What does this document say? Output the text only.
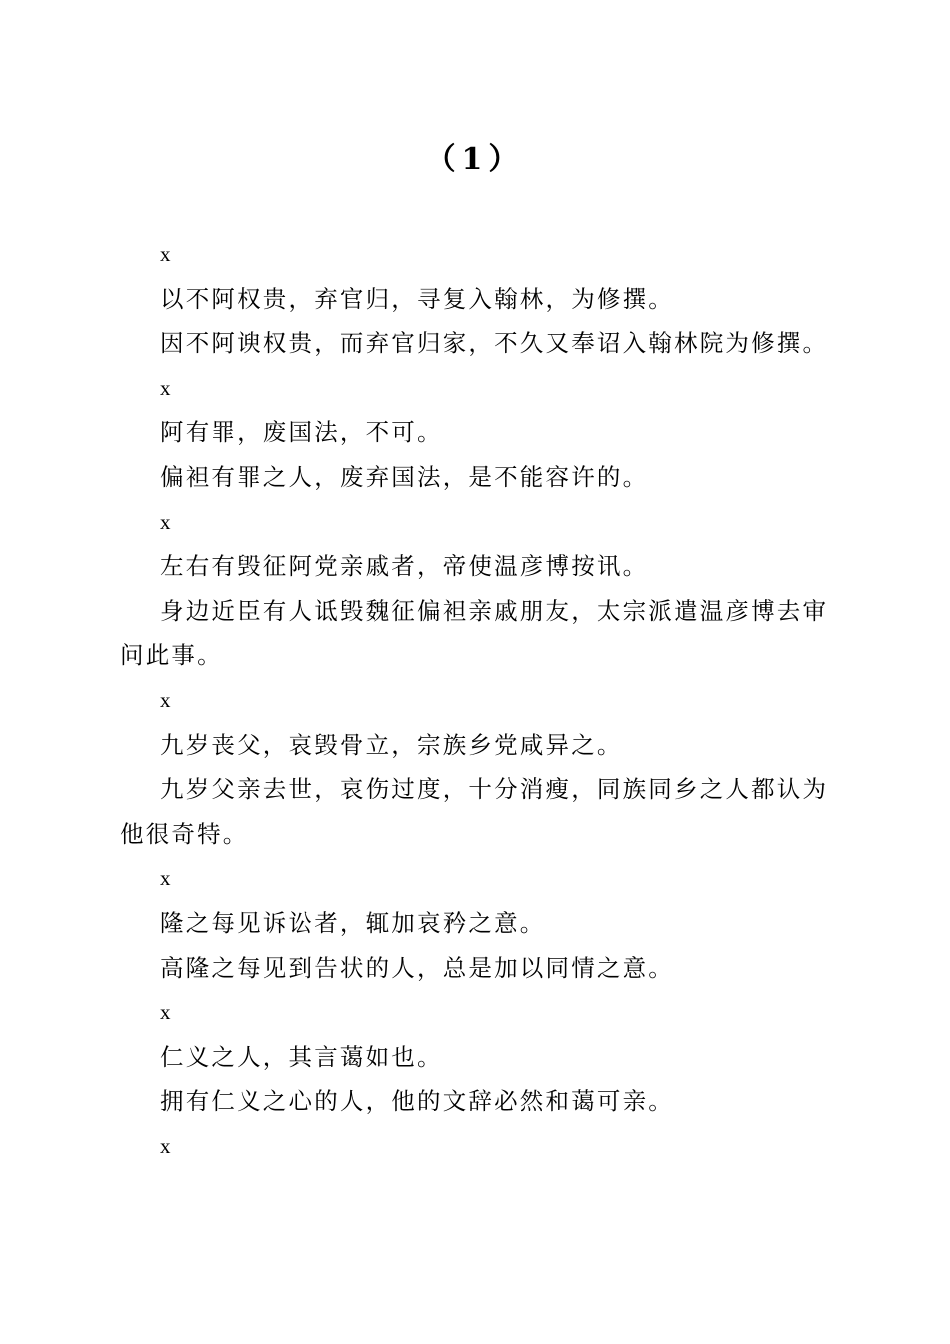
（1）

x

以不阿权贵，弃官归，寻复入翰林，为修撰。

因不阿谀权贵，而弃官归家，不久又奉诏入翰林院为修撰。

x

阿有罪，废国法，不可。

偏袒有罪之人，废弃国法，是不能容许的。

x

左右有毁征阿党亲戚者，帝使温彦博按讯。

身边近臣有人诋毁魏征偏袒亲戚朋友，太宗派遣温彦博去审问此事。

x

九岁丧父，哀毁骨立，宗族乡党咸异之。

九岁父亲去世，哀伤过度，十分消瘦，同族同乡之人都认为他很奇特。

x

隆之每见诉讼者，辄加哀矜之意。

高隆之每见到告状的人，总是加以同情之意。

x

仁义之人，其言蔼如也。

拥有仁义之心的人，他的文辞必然和蔼可亲。

x
